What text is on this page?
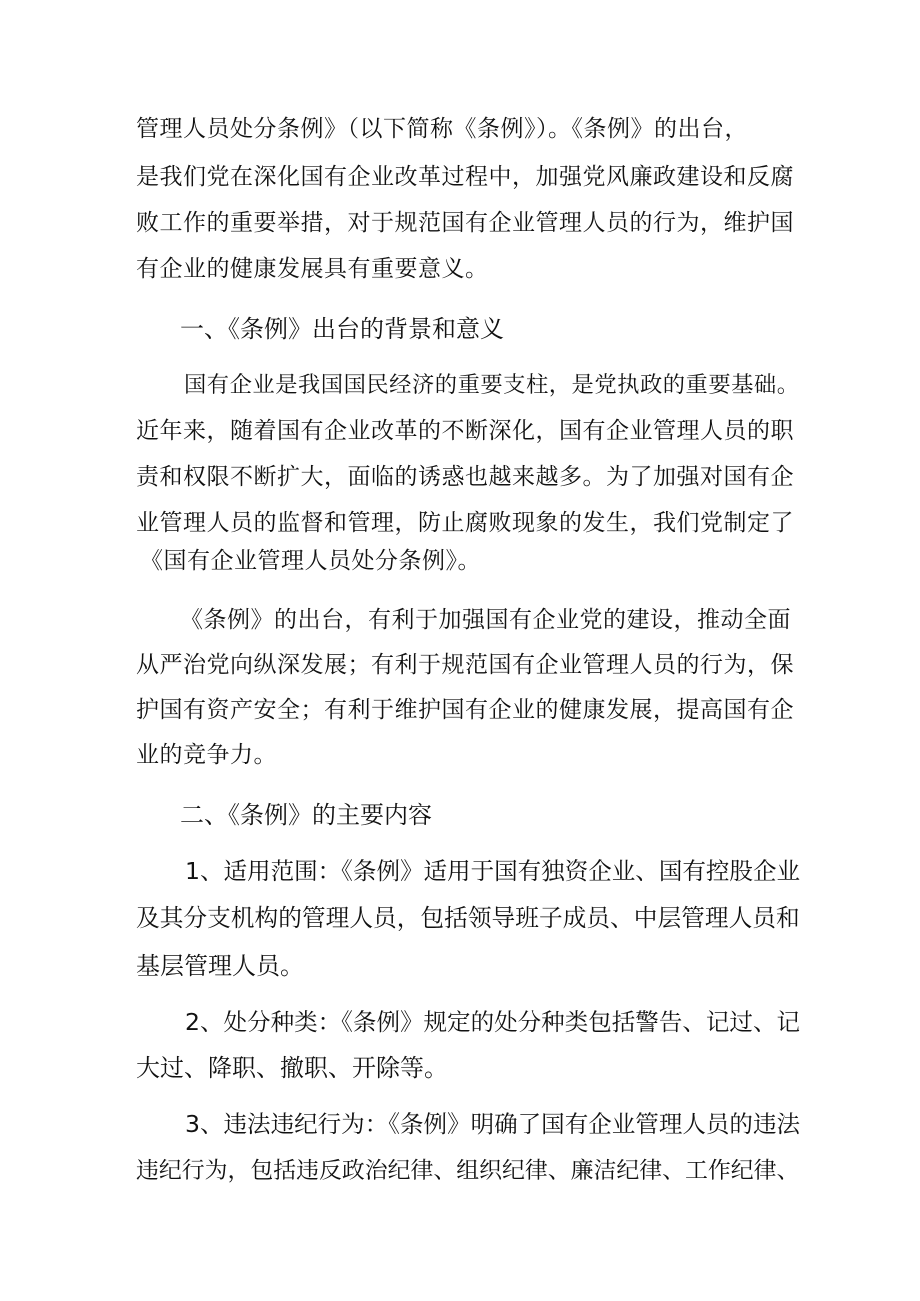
管理人员处分条例》（以下简称《条例》）。《条例》的出台，
是我们党在深化国有企业改革过程中，加强党风廉政建设和反腐
败工作的重要举措，对于规范国有企业管理人员的行为，维护国
有企业的健康发展具有重要意义。
一、《条例》出台的背景和意义
国有企业是我国国民经济的重要支柱，是党执政的重要基础。
近年来，随着国有企业改革的不断深化，国有企业管理人员的职
责和权限不断扩大，面临的诱惑也越来越多。为了加强对国有企
业管理人员的监督和管理，防止腐败现象的发生，我们党制定了
《国有企业管理人员处分条例》。
《条例》的出台，有利于加强国有企业党的建设，推动全面
从严治党向纵深发展；有利于规范国有企业管理人员的行为，保
护国有资产安全；有利于维护国有企业的健康发展，提高国有企
业的竞争力。
二、《条例》的主要内容
1、适用范围：《条例》适用于国有独资企业、国有控股企业
及其分支机构的管理人员，包括领导班子成员、中层管理人员和
基层管理人员。
2、处分种类：《条例》规定的处分种类包括警告、记过、记
大过、降职、撤职、开除等。
3、违法违纪行为：《条例》明确了国有企业管理人员的违法
违纪行为，包括违反政治纪律、组织纪律、廉洁纪律、工作纪律、
